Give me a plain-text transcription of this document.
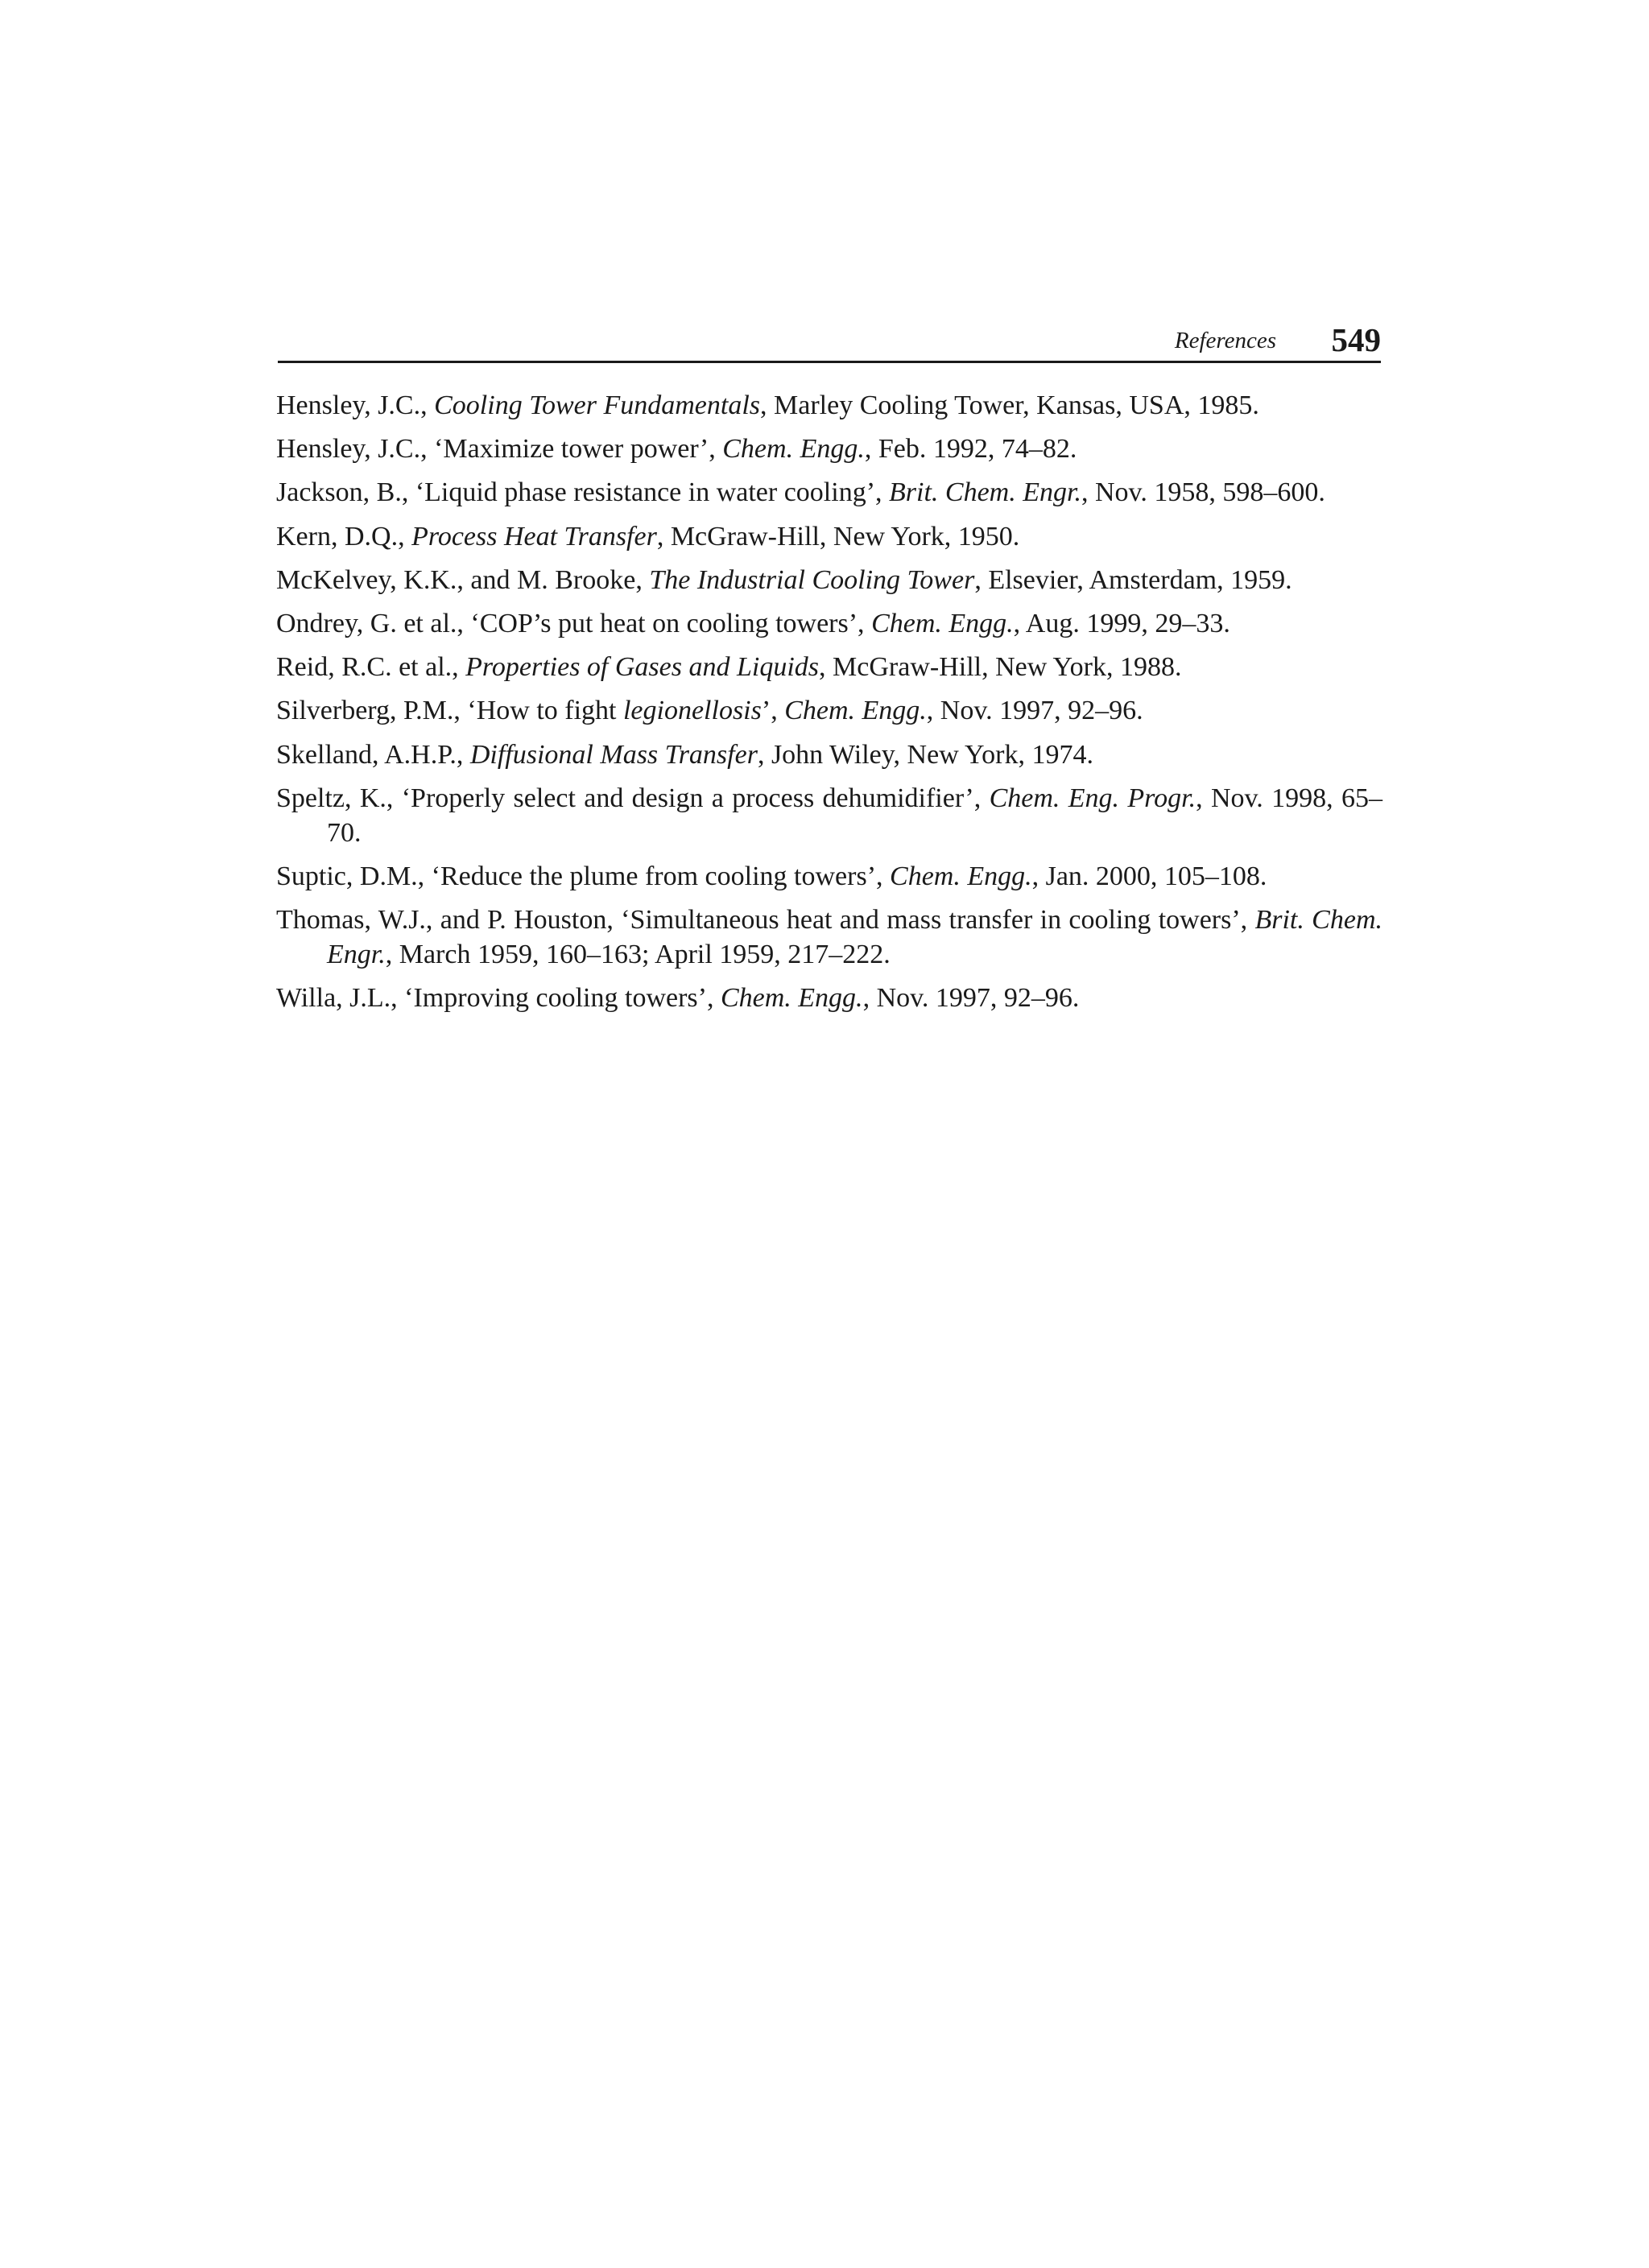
References 549
Hensley, J.C., Cooling Tower Fundamentals, Marley Cooling Tower, Kansas, USA, 1985.
Hensley, J.C., ‘Maximize tower power’, Chem. Engg., Feb. 1992, 74–82.
Jackson, B., ‘Liquid phase resistance in water cooling’, Brit. Chem. Engr., Nov. 1958, 598–600.
Kern, D.Q., Process Heat Transfer, McGraw-Hill, New York, 1950.
McKelvey, K.K., and M. Brooke, The Industrial Cooling Tower, Elsevier, Amsterdam, 1959.
Ondrey, G. et al., ‘COP’s put heat on cooling towers’, Chem. Engg., Aug. 1999, 29–33.
Reid, R.C. et al., Properties of Gases and Liquids, McGraw-Hill, New York, 1988.
Silverberg, P.M., ‘How to fight legionellosis’, Chem. Engg., Nov. 1997, 92–96.
Skelland, A.H.P., Diffusional Mass Transfer, John Wiley, New York, 1974.
Speltz, K., ‘Properly select and design a process dehumidifier’, Chem. Eng. Progr., Nov. 1998, 65–70.
Suptic, D.M., ‘Reduce the plume from cooling towers’, Chem. Engg., Jan. 2000, 105–108.
Thomas, W.J., and P. Houston, ‘Simultaneous heat and mass transfer in cooling towers’, Brit. Chem. Engr., March 1959, 160–163; April 1959, 217–222.
Willa, J.L., ‘Improving cooling towers’, Chem. Engg., Nov. 1997, 92–96.
